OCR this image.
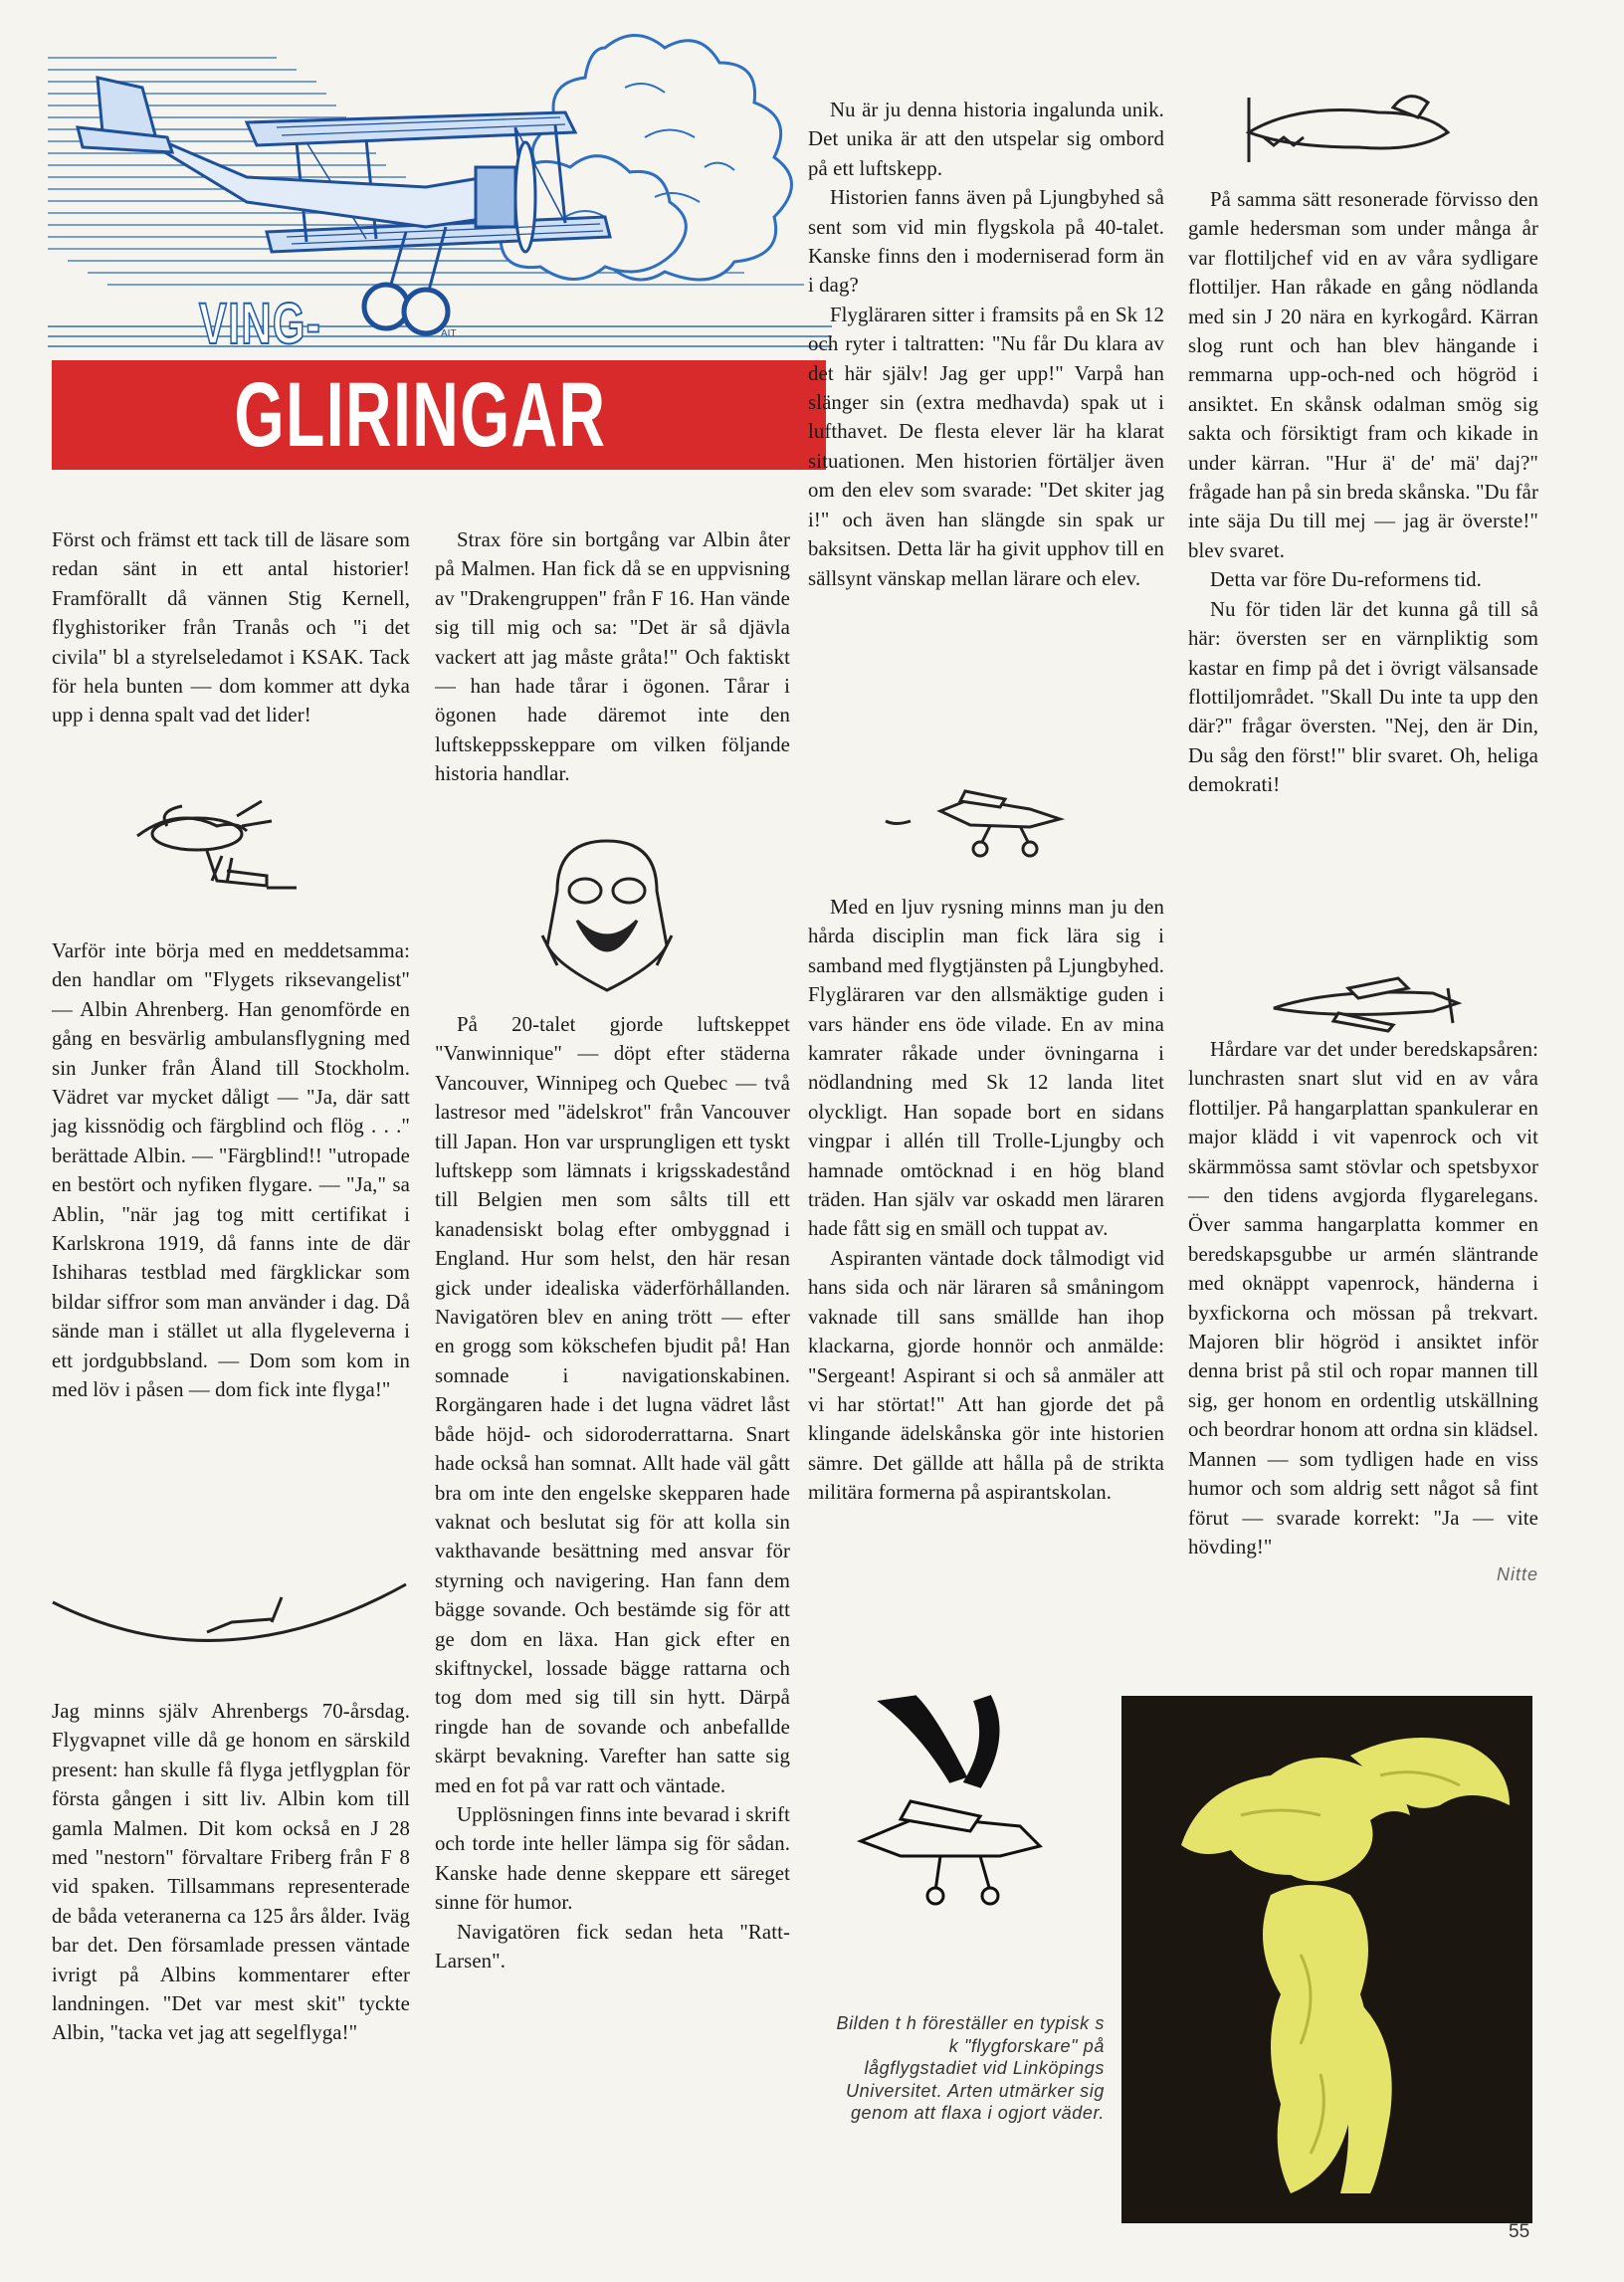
AIT
VING-
GLIRINGAR

Först och främst ett tack till de läsare som redan sänt in ett antal historier! Framförallt då vännen Stig Kernell, flyghistoriker från Tranås och "i det civila" bl a styrelseledamot i KSAK. Tack för hela bunten — dom kommer att dyka upp i denna spalt vad det lider!

Varför inte börja med en meddetsamma: den handlar om "Flygets riksevangelist" — Albin Ahrenberg. Han genomförde en gång en besvärlig ambulansflygning med sin Junker från Åland till Stockholm. Vädret var mycket dåligt — "Ja, där satt jag kissnödig och färgblind och flög . . ." berättade Albin. — "Färgblind!! "utropade en bestört och nyfiken flygare. — "Ja," sa Ablin, "när jag tog mitt certifikat i Karlskrona 1919, då fanns inte de där Ishiharas testblad med färgklickar som bildar siffror som man använder i dag. Då sände man i stället ut alla flygeleverna i ett jordgubbsland. — Dom som kom in med löv i påsen — dom fick inte flyga!"

Jag minns själv Ahrenbergs 70-årsdag. Flygvapnet ville då ge honom en särskild present: han skulle få flyga jetflygplan för första gången i sitt liv. Albin kom till gamla Malmen. Dit kom också en J 28 med "nestorn" förvaltare Friberg från F 8 vid spaken. Tillsammans representerade de båda veteranerna ca 125 års ålder. Iväg bar det. Den församlade pressen väntade ivrigt på Albins kommentarer efter landningen. "Det var mest skit" tyckte Albin, "tacka vet jag att segelflyga!"

Strax före sin bortgång var Albin åter på Malmen. Han fick då se en uppvisning av "Drakengruppen" från F 16. Han vände sig till mig och sa: "Det är så djävla vackert att jag måste gråta!" Och faktiskt — han hade tårar i ögonen. Tårar i ögonen hade däremot inte den luftskeppsskeppare om vilken följande historia handlar.

På 20-talet gjorde luftskeppet "Vanwinnique" — döpt efter städerna Vancouver, Winnipeg och Quebec — två lastresor med "ädelskrot" från Vancouver till Japan. Hon var ursprungligen ett tyskt luftskepp som lämnats i krigsskadestånd till Belgien men som sålts till ett kanadensiskt bolag efter ombyggnad i England. Hur som helst, den här resan gick under idealiska väderförhållanden. Navigatören blev en aning trött — efter en grogg som kökschefen bjudit på! Han somnade i navigationskabinen. Rorgängaren hade i det lugna vädret låst både höjd- och sidoroderrattarna. Snart hade också han somnat. Allt hade väl gått bra om inte den engelske skepparen hade vaknat och beslutat sig för att kolla sin vakthavande besättning med ansvar för styrning och navigering. Han fann dem bägge sovande. Och bestämde sig för att ge dom en läxa. Han gick efter en skiftnyckel, lossade bägge rattarna och tog dom med sig till sin hytt. Därpå ringde han de sovande och anbefallde skärpt bevakning. Varefter han satte sig med en fot på var ratt och väntade.

Upplösningen finns inte bevarad i skrift och torde inte heller lämpa sig för sådan. Kanske hade denne skeppare ett säreget sinne för humor.

Navigatören fick sedan heta "Ratt-Larsen".

Nu är ju denna historia ingalunda unik. Det unika är att den utspelar sig ombord på ett luftskepp.

Historien fanns även på Ljungbyhed så sent som vid min flygskola på 40-talet. Kanske finns den i moderniserad form än i dag?

Flygläraren sitter i framsits på en Sk 12 och ryter i taltratten: "Nu får Du klara av det här själv! Jag ger upp!" Varpå han slänger sin (extra medhavda) spak ut i lufthavet. De flesta elever lär ha klarat situationen. Men historien förtäljer även om den elev som svarade: "Det skiter jag i!" och även han slängde sin spak ur baksitsen. Detta lär ha givit upphov till en sällsynt vänskap mellan lärare och elev.

Med en ljuv rysning minns man ju den hårda disciplin man fick lära sig i samband med flygtjänsten på Ljungbyhed. Flygläraren var den allsmäktige guden i vars händer ens öde vilade. En av mina kamrater råkade under övningarna i nödlandning med Sk 12 landa litet olyckligt. Han sopade bort en sidans vingpar i allén till Trolle-Ljungby och hamnade omtöcknad i en hög bland träden. Han själv var oskadd men läraren hade fått sig en smäll och tuppat av.

Aspiranten väntade dock tålmodigt vid hans sida och när läraren så småningom vaknade till sans smällde han ihop klackarna, gjorde honnör och anmälde: "Sergeant! Aspirant si och så anmäler att vi har störtat!" Att han gjorde det på klingande ädelskånska gör inte historien sämre. Det gällde att hålla på de strikta militära formerna på aspirantskolan.

På samma sätt resonerade förvisso den gamle hedersman som under många år var flottiljchef vid en av våra sydligare flottiljer. Han råkade en gång nödlanda med sin J 20 nära en kyrkogård. Kärran slog runt och han blev hängande i remmarna upp-och-ned och högröd i ansiktet. En skånsk odalman smög sig sakta och försiktigt fram och kikade in under kärran. "Hur ä' de' mä' daj?" frågade han på sin breda skånska. "Du får inte säja Du till mej — jag är överste!" blev svaret.

Detta var före Du-reformens tid.

Nu för tiden lär det kunna gå till så här: översten ser en värnpliktig som kastar en fimp på det i övrigt välsansade flottiljområdet. "Skall Du inte ta upp den där?" frågar översten. "Nej, den är Din, Du såg den först!" blir svaret. Oh, heliga demokrati!

Hårdare var det under beredskapsåren: lunchrasten snart slut vid en av våra flottiljer. På hangarplattan spankulerar en major klädd i vit vapenrock och vit skärmmössa samt stövlar och spetsbyxor — den tidens avgjorda flygarelegans. Över samma hangarplatta kommer en beredskapsgubbe ur armén släntrande med oknäppt vapenrock, händerna i byxfickorna och mössan på trekvart. Majoren blir högröd i ansiktet inför denna brist på stil och ropar mannen till sig, ger honom en ordentlig utskällning och beordrar honom att ordna sin klädsel. Mannen — som tydligen hade en viss humor och som aldrig sett något så fint förut — svarade korrekt: "Ja — vite hövding!"

Nitte

Bilden t h föreställer en typisk s k "flygforskare" på lågflygstadiet vid Linköpings Universitet. Arten utmärker sig genom att flaxa i ogjort väder.
55
